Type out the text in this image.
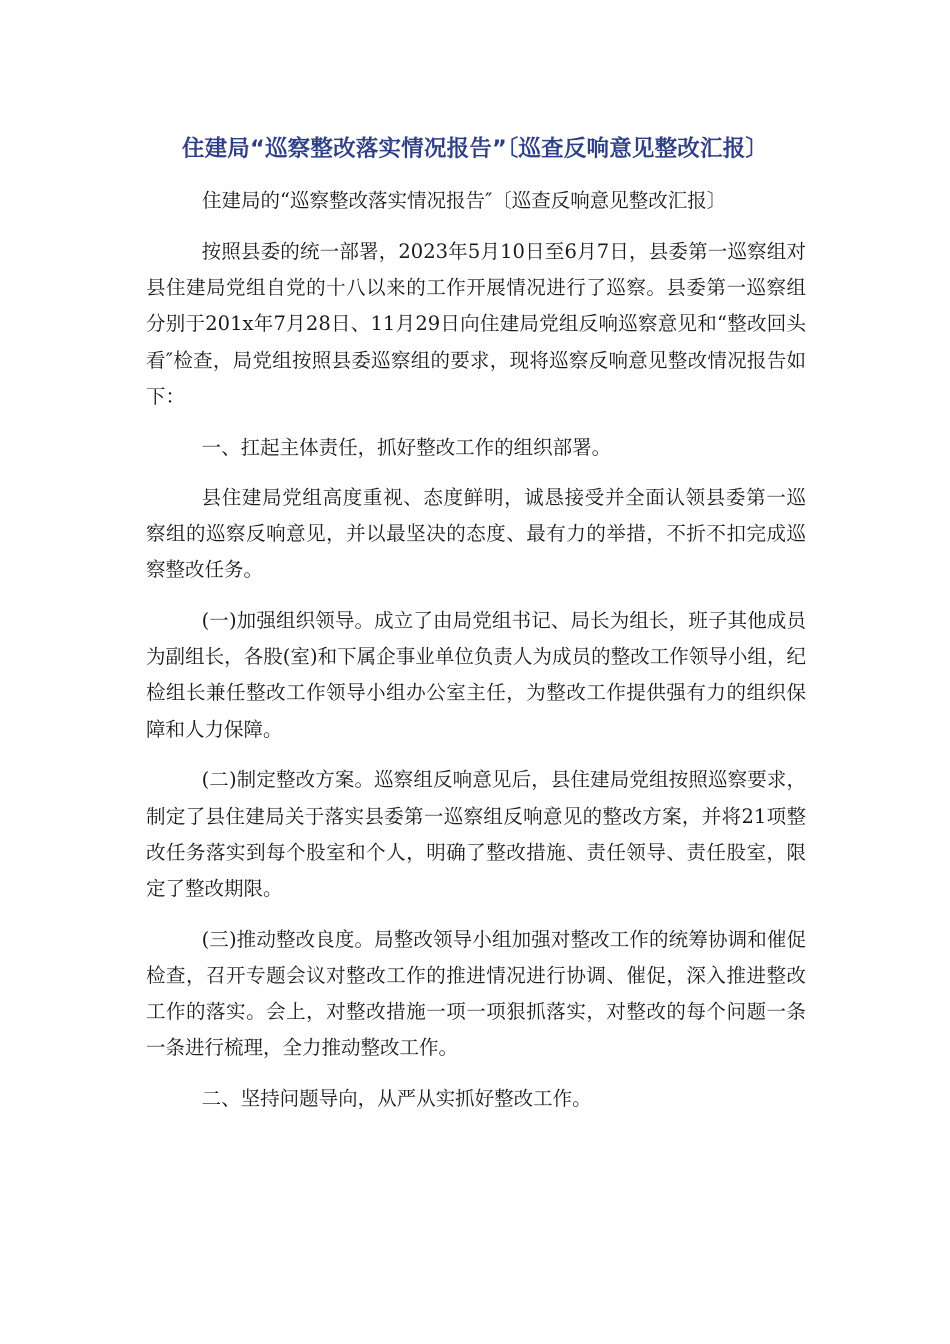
住建局“巡察整改落实情况报告”〔巡查反响意见整改汇报〕
住建局的“巡察整改落实情况报告″〔巡查反响意见整改汇报〕

按照县委的统一部署，2023年5月10日至6月7日，县委第一巡察组对县住建局党组自党的十八以来的工作开展情况进行了巡察。县委第一巡察组分别于201x年7月28日、11月29日向住建局党组反响巡察意见和“整改回头看″检查，局党组按照县委巡察组的要求，现将巡察反响意见整改情况报告如下：

一、扛起主体责任，抓好整改工作的组织部署。

县住建局党组高度重视、态度鲜明，诚恳接受并全面认领县委第一巡察组的巡察反响意见，并以最坚决的态度、最有力的举措，不折不扣完成巡察整改任务。

(一)加强组织领导。成立了由局党组书记、局长为组长，班子其他成员为副组长，各股(室)和下属企事业单位负责人为成员的整改工作领导小组，纪检组长兼任整改工作领导小组办公室主任，为整改工作提供强有力的组织保障和人力保障。

(二)制定整改方案。巡察组反响意见后，县住建局党组按照巡察要求，制定了县住建局关于落实县委第一巡察组反响意见的整改方案，并将21项整改任务落实到每个股室和个人，明确了整改措施、责任领导、责任股室，限定了整改期限。

(三)推动整改良度。局整改领导小组加强对整改工作的统筹协调和催促检查，召开专题会议对整改工作的推进情况进行协调、催促，深入推进整改工作的落实。会上，对整改措施一项一项狠抓落实，对整改的每个问题一条一条进行梳理，全力推动整改工作。

二、坚持问题导向，从严从实抓好整改工作。
